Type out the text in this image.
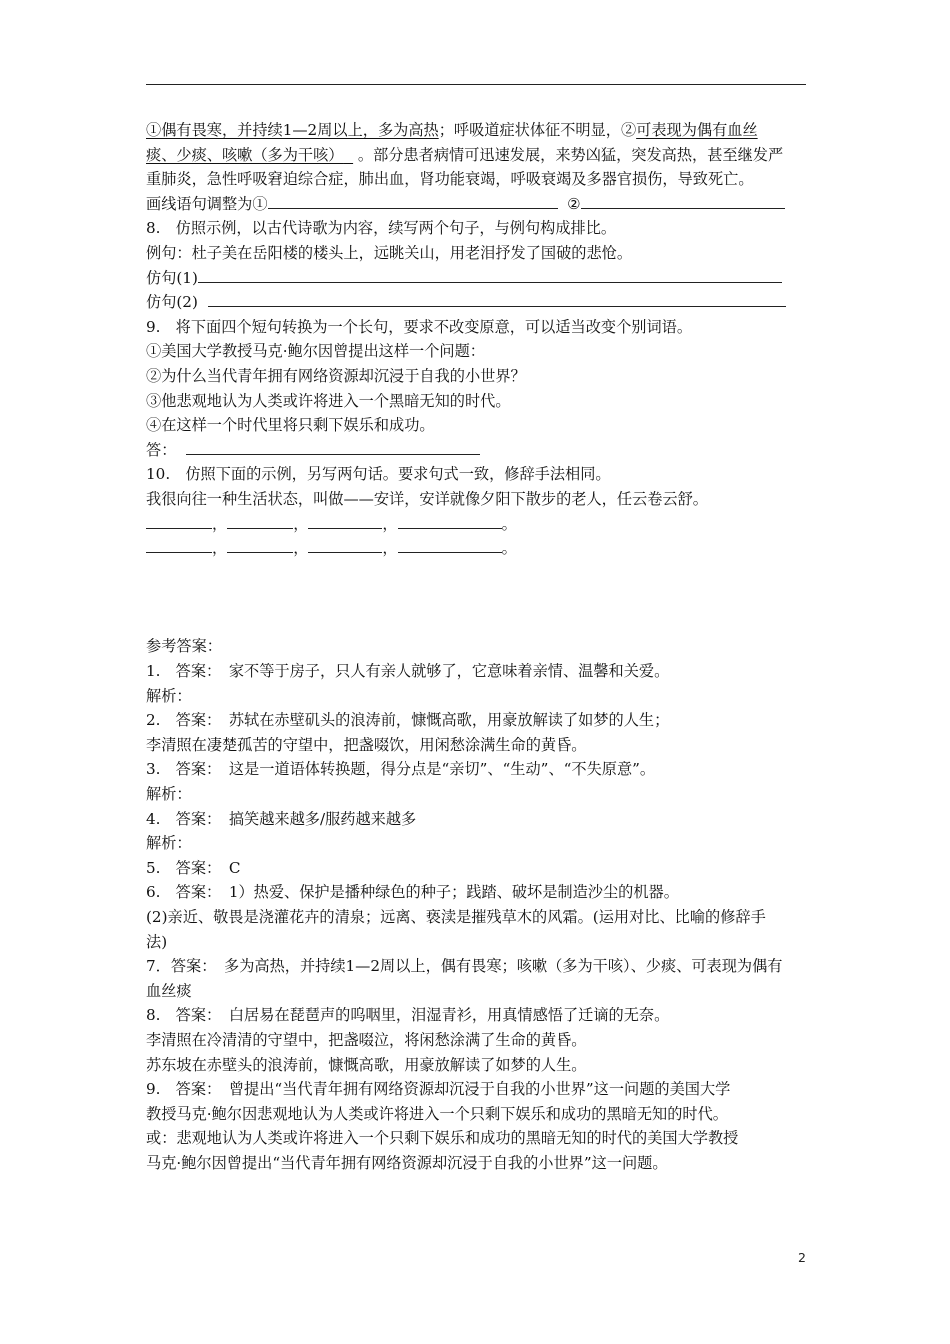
①偶有畏寒，并持续1—2周以上，多为高热；呼吸道症状体征不明显，②可表现为偶有血丝
痰、少痰、咳嗽（多为干咳） 。部分患者病情可迅速发展，来势凶猛，突发高热，甚至继发严
重肺炎，急性呼吸窘迫综合症，肺出血，肾功能衰竭，呼吸衰竭及多器官损伤，导致死亡。
画线语句调整为①	②
8.　仿照示例，以古代诗歌为内容，续写两个句子，与例句构成排比。
例句：杜子美在岳阳楼的楼头上，远眺关山，用老泪抒发了国破的悲怆。
仿句(1)
仿句(2)
9.　将下面四个短句转换为一个长句，要求不改变原意，可以适当改变个别词语。
①美国大学教授马克·鲍尔因曾提出这样一个问题：
②为什么当代青年拥有网络资源却沉浸于自我的小世界？
③他悲观地认为人类或许将进入一个黑暗无知的时代。
④在这样一个时代里将只剩下娱乐和成功。
答：
10.　仿照下面的示例，另写两句话。要求句式一致，修辞手法相同。
我很向往一种生活状态，叫做——安详，安详就像夕阳下散步的老人，任云卷云舒。
，	，	，	。
，	，	，	。
参考答案：
1.　答案：　家不等于房子，只人有亲人就够了，它意味着亲情、温馨和关爱。
解析：
2.　答案：　苏轼在赤壁矶头的浪涛前，慷慨高歌，用豪放解读了如梦的人生；
李清照在凄楚孤苦的守望中，把盏啜饮，用闲愁涂满生命的黄昏。
3.　答案：　这是一道语体转换题，得分点是“亲切”、“生动”、“不失原意”。
解析：
4.　答案：　搞笑越来越多/服药越来越多
解析：
5.　答案：　C
6.　答案：　1）热爱、保护是播种绿色的种子；践踏、破坏是制造沙尘的机器。
(2)亲近、敬畏是浇灌花卉的清泉；远离、亵渎是摧残草木的风霜。(运用对比、比喻的修辞手
法)
7．答案：　多为高热，并持续1—2周以上，偶有畏寒；咳嗽（多为干咳）、少痰、可表现为偶有
血丝痰
8.　答案：　白居易在琵琶声的呜咽里，泪湿青衫，用真情感悟了迁谪的无奈。
李清照在冷清清的守望中，把盏啜泣，将闲愁涂满了生命的黄昏。
苏东坡在赤壁头的浪涛前，慷慨高歌，用豪放解读了如梦的人生。
9.　答案：　曾提出“当代青年拥有网络资源却沉浸于自我的小世界”这一问题的美国大学
教授马克·鲍尔因悲观地认为人类或许将进入一个只剩下娱乐和成功的黑暗无知的时代。
或：悲观地认为人类或许将进入一个只剩下娱乐和成功的黑暗无知的时代的美国大学教授
马克·鲍尔因曾提出“当代青年拥有网络资源却沉浸于自我的小世界”这一问题。
2
